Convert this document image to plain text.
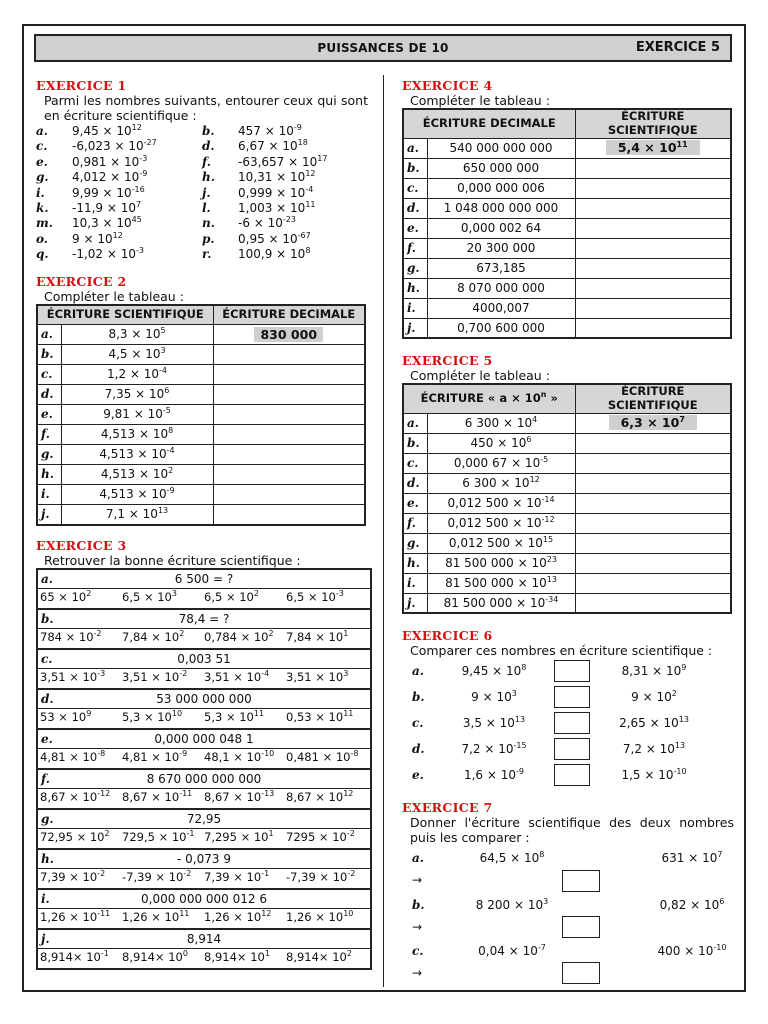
PUISSANCES DE 10	EXERCICE 5
EXERCICE 1
Parmi les nombres suivants, entourer ceux qui sont en écriture scientifique :
a.	$9,45 \times 10^{12}$	b.	$457 \times 10^{-9}$
c.	$-6,023 \times 10^{-27}$	d.	$6,67 \times 10^{18}$
e.	$0,981 \times 10^{-3}$	f.	$-63,657 \times 10^{17}$
g.	$4,012 \times 10^{-9}$	h.	$10,31 \times 10^{12}$
i.	$9,99 \times 10^{-16}$	j.	$0,999 \times 10^{-4}$
k.	$-11,9 \times 10^7$	l.	$1,003 \times 10^{11}$
m.	$10,3 \times 10^{45}$	n.	$-6 \times 10^{-23}$
o.	$9 \times 10^{12}$	p.	$0,95 \times 10^{-67}$
q.	$-1,02 \times 10^{-3}$	r.	$100,9 \times 10^8$
EXERCICE 2
Compléter le tableau :
ÉCRITURE SCIENTIFIQUE		ÉCRITURE DECIMALE
a.	$8,3 \times 10^5$	830 000
b.	$4,5 \times 10^3$	
c.	$1,2 \times 10^{-4}$	
d.	$7,35 \times 10^6$	
e.	$9,81 \times 10^{-5}$	
f.	$4,513 \times 10^8$	
g.	$4,513 \times 10^{-4}$	
h.	$4,513 \times 10^2$	
i.	$4,513 \times 10^{-9}$	
j.	$7,1 \times 10^{13}$	
EXERCICE 3
Retrouver la bonne écriture scientifique :
a.	6 500 = ?

$65 \times 10^2$	$6,5 \times 10^3$	$6,5 \times 10^2$	$6,5 \times 10^{-3}$

b.	78,4 = ?

$784 \times 10^{-2}$	$7,84 \times 10^2$	$0,784 \times 10^2$	$7,84 \times 10^1$

c.	0,003 51

$3,51 \times 10^{-3}$	$3,51 \times 10^{-2}$	$3,51 \times 10^{-4}$	$3,51 \times 10^3$

d.	53 000 000 000

$53 \times 10^9$	$5,3 \times 10^{10}$	$5,3 \times 10^{11}$	$0,53 \times 10^{11}$

e.	0,000 000 048 1

$4,81 \times 10^{-8}$	$4,81 \times 10^{-9}$	$48,1 \times 10^{-10}$	$0,481 \times 10^{-8}$

f.	8 670 000 000 000

$8,67 \times 10^{-12}$	$8,67 \times 10^{-11}$	$8,67 \times 10^{-13}$	$8,67 \times 10^{12}$

g.	72,95

$72,95 \times 10^2$	$729,5 \times 10^{-1}$ $7,295 \times 10^1$	$7295 \times 10^{-2}$

h.	- 0,073 9

$7,39 \times 10^{-2}$	$-7,39 \times 10^{-2}$	$7,39 \times 10^{-1}$	$-7,39 \times 10^{-2}$

i.	0,000 000 000 012 6

$1,26 \times 10^{-11}$	$1,26 \times 10^{11}$	$1,26 \times 10^{12}$	$1,26 \times 10^{10}$

j.	8,914

$8,914\times 10^{-1}$	$8,914\times 10^0$	$8,914\times 10^1$	$8,914\times 10^2$
EXERCICE 4
Compléter le tableau :
ÉCRITURE DECIMALE		ÉCRITURE SCIENTIFIQUE
a.	540 000 000 000	$5,4 \times 10^{11}$
b.	650 000 000	
c.	0,000 000 006	
d.	1 048 000 000 000	
e.	0,000 002 64	
f.	20 300 000	
g.	673,185	
h.	8 070 000 000	
i.	4000,007	
j.	0,700 600 000	
EXERCICE 5
Compléter le tableau :
ÉCRITURE « $a \times 10^n$ »		ÉCRITURE SCIENTIFIQUE
a.	6 $300 \times 10^4$	$6,3 \times 10^7$
b.	$450 \times 10^6$	
c.	0,000 $67 \times 10^{-5}$	
d.	6 $300 \times 10^{12}$	
e.	0,012 $500 \times 10^{-14}$	
f.	0,012 $500 \times 10^{-12}$	
g.	0,012 $500 \times 10^{15}$	
h.	81 500 $000 \times 10^{23}$	
i.	81 500 $000 \times 10^{13}$	
j.	81 500 $000 \times 10^{-34}$	
EXERCICE 6
Comparer ces nombres en écriture scientifique :
a.	$9,45 \times 10^8$	$8,31 \times 10^9$
b.	$9 \times 10^3$	$9 \times 10^2$
c.	$3,5 \times 10^{13}$	$2,65 \times 10^{13}$
d.	$7,2 \times 10^{-15}$	$7,2 \times 10^{13}$
e.	$1,6 \times 10^{-9}$	$1,5 \times 10^{-10}$
EXERCICE 7
Donner l'écriture scientifique des deux nombres puis les comparer :
a.	$64,5 \times 10^8$	$631 \times 10^7$
→
b.	8 $200 \times 10^3$	$0,82 \times 10^6$
→
c.	$0,04 \times 10^{-7}$	$400 \times 10^{-10}$
→
